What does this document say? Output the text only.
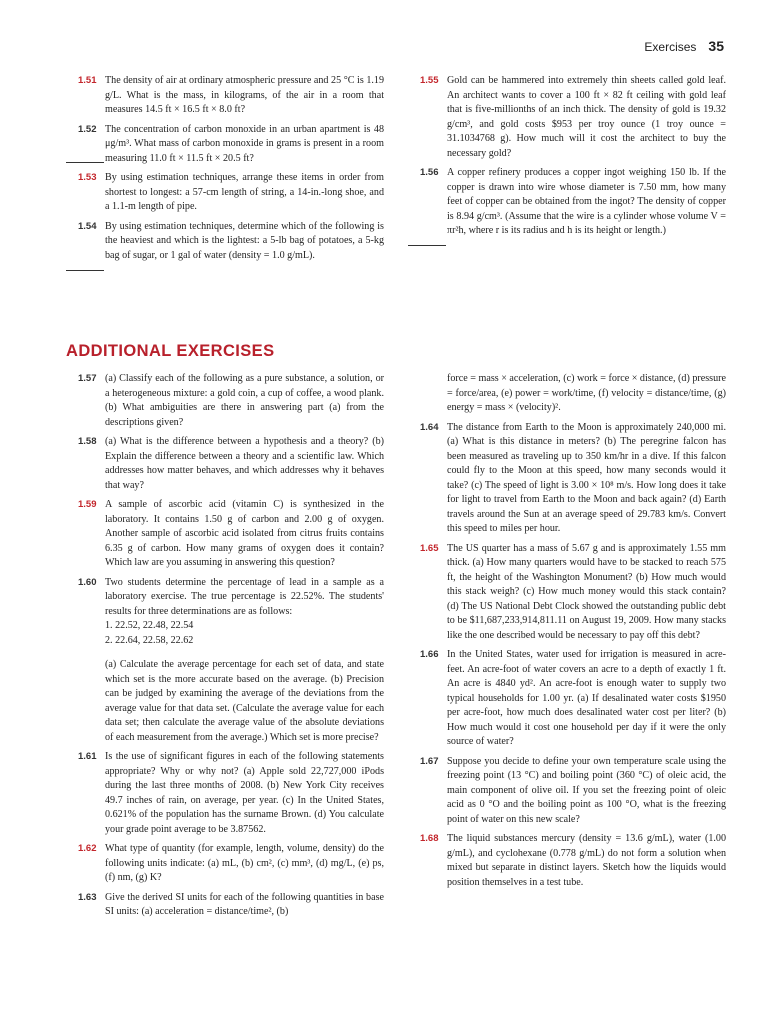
Exercises 35
1.51 The density of air at ordinary atmospheric pressure and 25 °C is 1.19 g/L. What is the mass, in kilograms, of the air in a room that measures 14.5 ft × 16.5 ft × 8.0 ft?
1.52 The concentration of carbon monoxide in an urban apartment is 48 μg/m³. What mass of carbon monoxide in grams is present in a room measuring 11.0 ft × 11.5 ft × 20.5 ft?
1.53 By using estimation techniques, arrange these items in order from shortest to longest: a 57-cm length of string, a 14-in.-long shoe, and a 1.1-m length of pipe.
1.54 By using estimation techniques, determine which of the following is the heaviest and which is the lightest: a 5-lb bag of potatoes, a 5-kg bag of sugar, or 1 gal of water (density = 1.0 g/mL).
1.55 Gold can be hammered into extremely thin sheets called gold leaf. An architect wants to cover a 100 ft × 82 ft ceiling with gold leaf that is five-millionths of an inch thick. The density of gold is 19.32 g/cm³, and gold costs $953 per troy ounce (1 troy ounce = 31.1034768 g). How much will it cost the architect to buy the necessary gold?
1.56 A copper refinery produces a copper ingot weighing 150 lb. If the copper is drawn into wire whose diameter is 7.50 mm, how many feet of copper can be obtained from the ingot? The density of copper is 8.94 g/cm³. (Assume that the wire is a cylinder whose volume V = πr²h, where r is its radius and h is its height or length.)
ADDITIONAL EXERCISES
1.57 (a) Classify each of the following as a pure substance, a solution, or a heterogeneous mixture: a gold coin, a cup of coffee, a wood plank. (b) What ambiguities are there in answering part (a) from the descriptions given?
1.58 (a) What is the difference between a hypothesis and a theory? (b) Explain the difference between a theory and a scientific law. Which addresses how matter behaves, and which addresses why it behaves that way?
1.59 A sample of ascorbic acid (vitamin C) is synthesized in the laboratory. It contains 1.50 g of carbon and 2.00 g of oxygen. Another sample of ascorbic acid isolated from citrus fruits contains 6.35 g of carbon. How many grams of oxygen does it contain? Which law are you assuming in answering this question?
1.60 Two students determine the percentage of lead in a sample as a laboratory exercise. The true percentage is 22.52%. The students' results for three determinations are as follows:
1. 22.52, 22.48, 22.54
2. 22.64, 22.58, 22.62
(a) Calculate the average percentage for each set of data, and state which set is the more accurate based on the average. (b) Precision can be judged by examining the average of the deviations from the average value for that data set. (Calculate the average value for each data set; then calculate the average value of the absolute deviations of each measurement from the average.) Which set is more precise?
1.61 Is the use of significant figures in each of the following statements appropriate? Why or why not? (a) Apple sold 22,727,000 iPods during the last three months of 2008. (b) New York City receives 49.7 inches of rain, on average, per year. (c) In the United States, 0.621% of the population has the surname Brown. (d) You calculate your grade point average to be 3.87562.
1.62 What type of quantity (for example, length, volume, density) do the following units indicate: (a) mL, (b) cm², (c) mm³, (d) mg/L, (e) ps, (f) nm, (g) K?
1.63 Give the derived SI units for each of the following quantities in base SI units: (a) acceleration = distance/time², (b)
force = mass × acceleration, (c) work = force × distance, (d) pressure = force/area, (e) power = work/time, (f) velocity = distance/time, (g) energy = mass × (velocity)².
1.64 The distance from Earth to the Moon is approximately 240,000 mi. (a) What is this distance in meters? (b) The peregrine falcon has been measured as traveling up to 350 km/hr in a dive. If this falcon could fly to the Moon at this speed, how many seconds would it take? (c) The speed of light is 3.00 × 10⁸ m/s. How long does it take for light to travel from Earth to the Moon and back again? (d) Earth travels around the Sun at an average speed of 29.783 km/s. Convert this speed to miles per hour.
1.65 The US quarter has a mass of 5.67 g and is approximately 1.55 mm thick. (a) How many quarters would have to be stacked to reach 575 ft, the height of the Washington Monument? (b) How much would this stack weigh? (c) How much money would this stack contain? (d) The US National Debt Clock showed the outstanding public debt to be $11,687,233,914,811.11 on August 19, 2009. How many stacks like the one described would be necessary to pay off this debt?
1.66 In the United States, water used for irrigation is measured in acre-feet. An acre-foot of water covers an acre to a depth of exactly 1 ft. An acre is 4840 yd². An acre-foot is enough water to supply two typical households for 1.00 yr. (a) If desalinated water costs $1950 per acre-foot, how much does desalinated water cost per liter? (b) How much would it cost one household per day if it were the only source of water?
1.67 Suppose you decide to define your own temperature scale using the freezing point (13 °C) and boiling point (360 °C) of oleic acid, the main component of olive oil. If you set the freezing point of oleic acid as 0 °O and the boiling point as 100 °O, what is the freezing point of water on this new scale?
1.68 The liquid substances mercury (density = 13.6 g/mL), water (1.00 g/mL), and cyclohexane (0.778 g/mL) do not form a solution when mixed but separate in distinct layers. Sketch how the liquids would position themselves in a test tube.
